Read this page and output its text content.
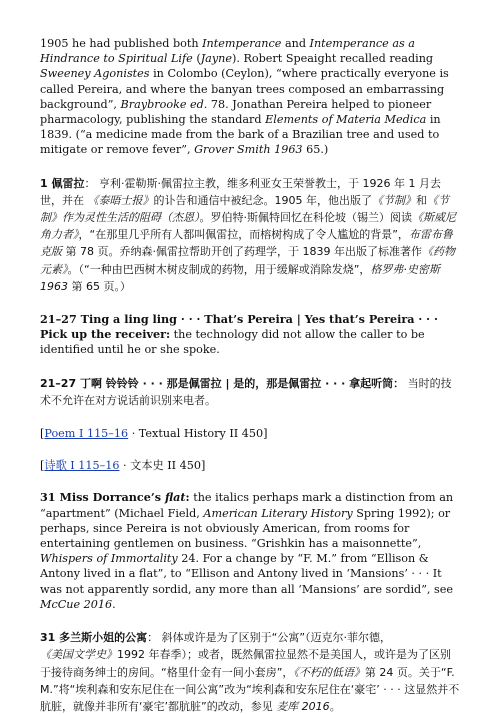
1905 he had published both Intemperance and Intemperance as a Hindrance to Spiritual Life (Jayne). Robert Speaight recalled reading Sweeney Agonistes in Colombo (Ceylon), “where practically everyone is called Pereira, and where the banyan trees composed an embarrassing background”, Braybrooke ed. 78. Jonathan Pereira helped to pioneer pharmacology, publishing the standard Elements of Materia Medica in 1839. (“a medicine made from the bark of a Brazilian tree and used to mitigate or remove fever”, Grover Smith 1963 65.)

1 佩雷拉： 亨利·霍勒斯·佩雷拉主教，维多利亚女王荣誉教士，于 1926 年 1 月去世，并在 《泰晤士报》的讣告和通信中被纪念。1905 年，他出版了《节制》和《节制》作为灵性生活的阻碍（杰恩）。罗伯特·斯佩特回忆在科伦坡（锡兰）阅读《斯威尼角力者》，“在那里几乎所有人都叫佩雷拉，而榕树构成了令人尴尬的背景”，布雷布鲁克版 第 78 页。乔纳森·佩雷拉帮助开创了药理学，于 1839 年出版了标准著作《药物元素》。（“一种由巴西树木树皮制成的药物，用于缓解或消除发烧”，格罗弗·史密斯 1963 第 65 页。）

21–27 Ting a ling ling · · · That’s Pereira | Yes that’s Pereira · · · Pick up the receiver: the technology did not allow the caller to be identified until he or she spoke.

21–27 丁啊 铃铃铃 · · · 那是佩雷拉 | 是的，那是佩雷拉 · · · 拿起听筒： 当时的技术不允许在对方说话前识别来电者。

[Poem I 115–16 · Textual History II 450]

[诗歌 I 115–16 · 文本史 II 450]

31 Miss Dorrance’s flat: the italics perhaps mark a distinction from an “apartment” (Michael Field, American Literary History Spring 1992); or perhaps, since Pereira is not obviously American, from rooms for entertaining gentlemen on business. “Grishkin has a maisonnette”, Whispers of Immortality 24. For a change by “F. M.” from “Ellison & Antony lived in a flat”, to “Ellison and Antony lived in ‘Mansions’ · · · It was not apparently sordid, any more than all ‘Mansions’ are sordid”, see McCue 2016.

31 多兰斯小姐的公寓： 斜体或许是为了区别于“公寓”（迈克尔·菲尔德，《美国文学史》1992 年春季）；或者，既然佩雷拉显然不是美国人，或许是为了区别于接待商务绅士的房间。“格里什金有一间小套房”，《不朽的低语》第 24 页。关于“F. M.”将“埃利森和安东尼住在一间公寓”改为“埃利森和安东尼住在‘豪宅’ · · · 这显然并不肮脏，就像并非所有‘豪宅’都肮脏”的改动，参见 麦库 2016。
